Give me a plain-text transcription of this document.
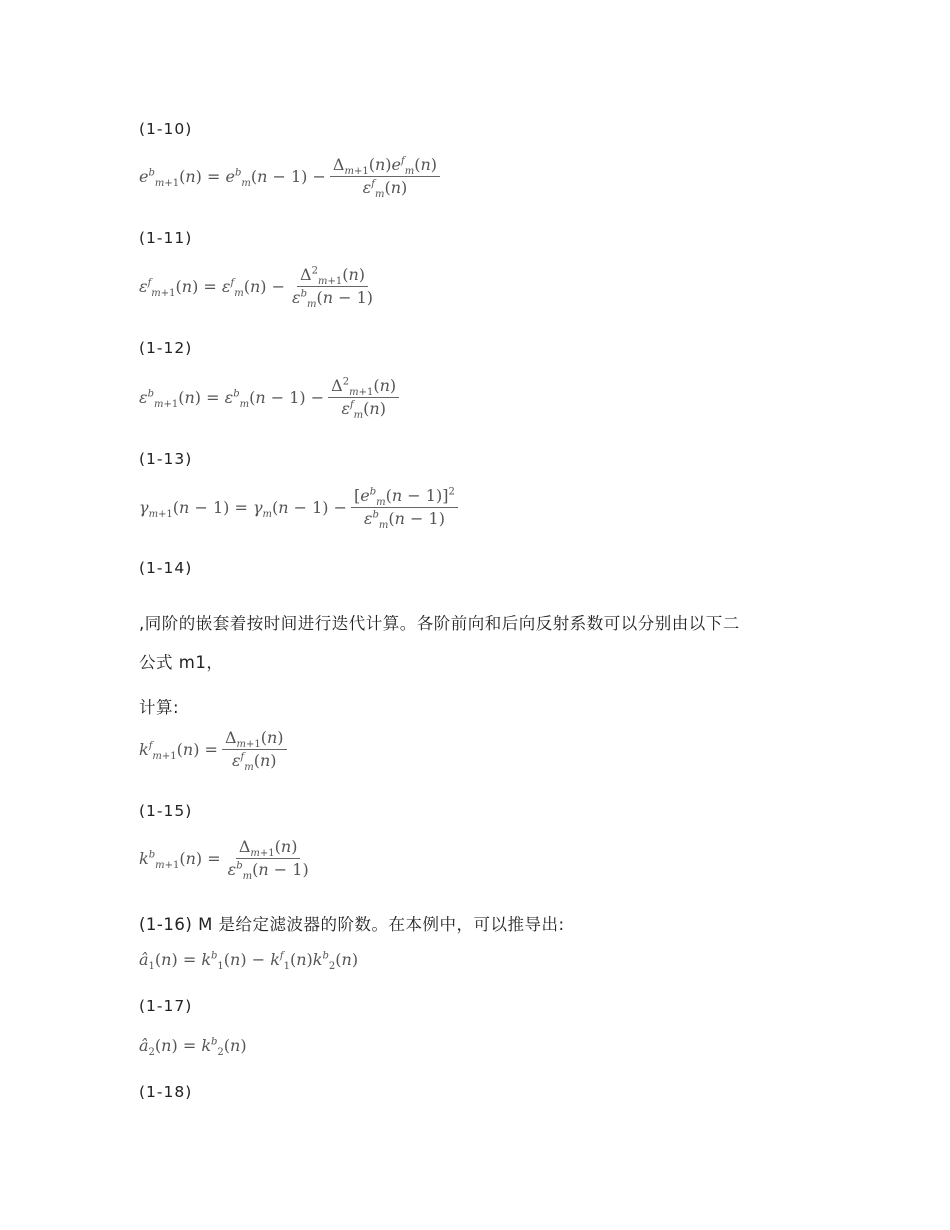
(1-10)
$e^b_{m+1}(n) = e^b_m(n - 1) - \frac{\Delta_{m+1}(n)e^f_m(n)}{\varepsilon^f_m(n)}$
(1-11)
$\varepsilon^f_{m+1}(n) = \varepsilon^f_m(n) - \frac{\Delta^2_{m+1}(n)}{\varepsilon^b_m(n - 1)}$
(1-12)
$\varepsilon^b_{m+1}(n) = \varepsilon^b_m(n - 1) - \frac{\Delta^2_{m+1}(n)}{\varepsilon^f_m(n)}$
(1-13)
$\gamma_{m+1}(n - 1) = \gamma_m(n - 1) - \frac{[e^b_m(n - 1)]^2}{\varepsilon^b_m(n - 1)}$
(1-14)
,同阶的嵌套着按时间进行迭代计算。各阶前向和后向反射系数可以分别由以下二
公式 m1，
计算:
$k^f_{m+1}(n) = \frac{\Delta_{m+1}(n)}{\varepsilon^f_m(n)}$
(1-15)
$k^b_{m+1}(n) = \frac{\Delta_{m+1}(n)}{\varepsilon^b_m(n - 1)}$
(1-16) M 是给定滤波器的阶数。在本例中，可以推导出:
$â_1(n) = k^b_1(n) - k^f_1(n)k^b_2(n)$
(1-17)
$â_2(n) = k^b_2(n)$
(1-18)
